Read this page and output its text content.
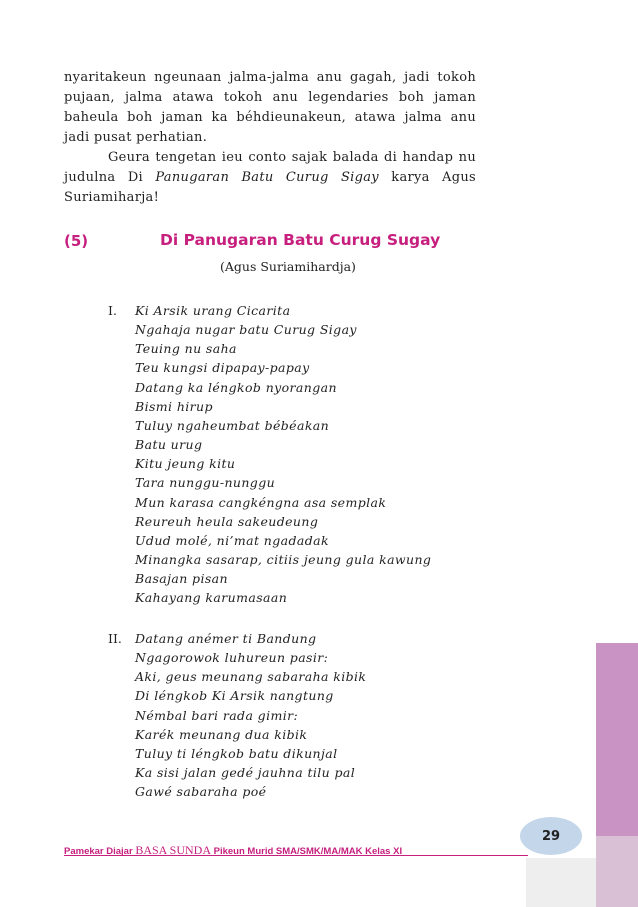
nyaritakeun ngeunaan jalma-jalma anu gagah, jadi tokoh pujaan, jalma atawa tokoh anu legendaries boh jaman baheula boh jaman ka béhdieunakeun, atawa jalma anu jadi pusat perhatian.

Geura tengetan ieu conto sajak balada di handap nu judulna Di Panugaran Batu Curug Sigay karya Agus Suriamiharja!

(5)	Di Panugaran Batu Curug Sugay
(Agus Suriamihardja)
I. Ki Arsik urang Cicarita
Ngahaja nugar batu Curug Sigay
Teuing nu saha
Teu kungsi dipapay-papay
Datang ka léngkob nyorangan
Bismi hirup
Tuluy ngaheumbat bébéakan
Batu urug
Kitu jeung kitu
Tara nunggu-nunggu
Mun karasa cangkéngna asa semplak
Reureuh heula sakeudeung
Udud molé, ni’mat ngadadak
Minangka sasarap, citiis jeung gula kawung
Basajan pisan
Kahayang karumasaan
II. Datang anémer ti Bandung
Ngagorowok luhureun pasir:
Aki, geus meunang sabaraha kibik
Di léngkob Ki Arsik nangtung
Némbal bari rada gimir:
Karék meunang dua kibik
Tuluy ti léngkob batu dikunjal
Ka sisi jalan gedé jauhna tilu pal
Gawé sabaraha poé
29
Pamekar Diajar BASA SUNDA Pikeun Murid SMA/SMK/MA/MAK Kelas XI
